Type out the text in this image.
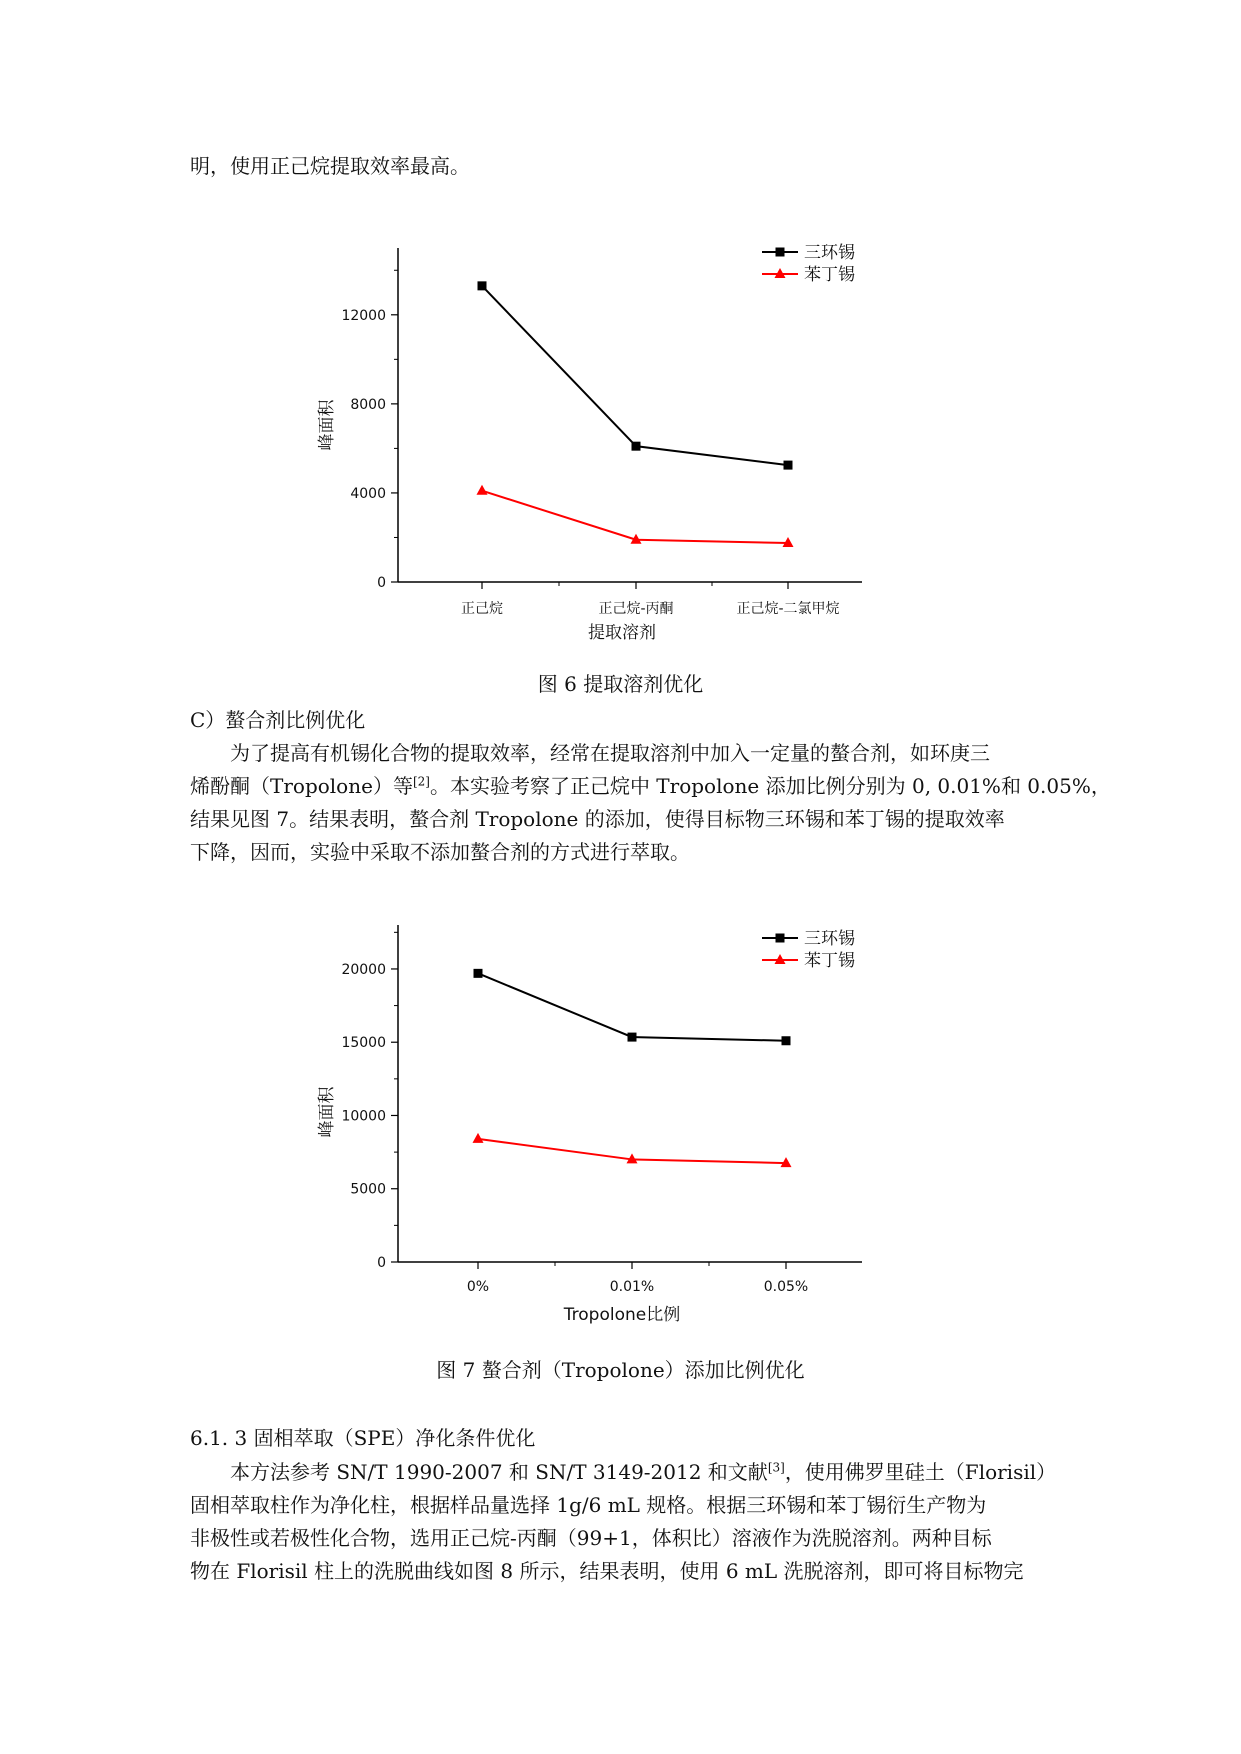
明，使用正己烷提取效率最高。
0
4000
8000
12000
正己烷	正己烷-丙酮	正己烷-二氯甲烷
提取溶剂
峰面积
三环锡
苯丁锡
图 6 提取溶剂优化
C）螯合剂比例优化
为了提高有机锡化合物的提取效率，经常在提取溶剂中加入一定量的螯合剂，如环庚三
烯酚酮（Tropolone）等[2]。本实验考察了正己烷中 Tropolone 添加比例分别为 0, 0.01%和 0.05%，
结果见图 7。结果表明，螯合剂 Tropolone 的添加，使得目标物三环锡和苯丁锡的提取效率
下降，因而，实验中采取不添加螯合剂的方式进行萃取。
0
5000
10000
15000
20000
0%	0.01%	0.05%
Tropolone比例
峰面积
三环锡
苯丁锡
图 7 螯合剂（Tropolone）添加比例优化
6.1. 3 固相萃取（SPE）净化条件优化
本方法参考 SN/T 1990-2007 和 SN/T 3149-2012 和文献[3]，使用佛罗里硅土（Florisil）
固相萃取柱作为净化柱，根据样品量选择 1g/6 mL 规格。根据三环锡和苯丁锡衍生产物为
非极性或若极性化合物，选用正己烷-丙酮（99+1，体积比）溶液作为洗脱溶剂。两种目标
物在 Florisil 柱上的洗脱曲线如图 8 所示，结果表明，使用 6 mL 洗脱溶剂，即可将目标物完
